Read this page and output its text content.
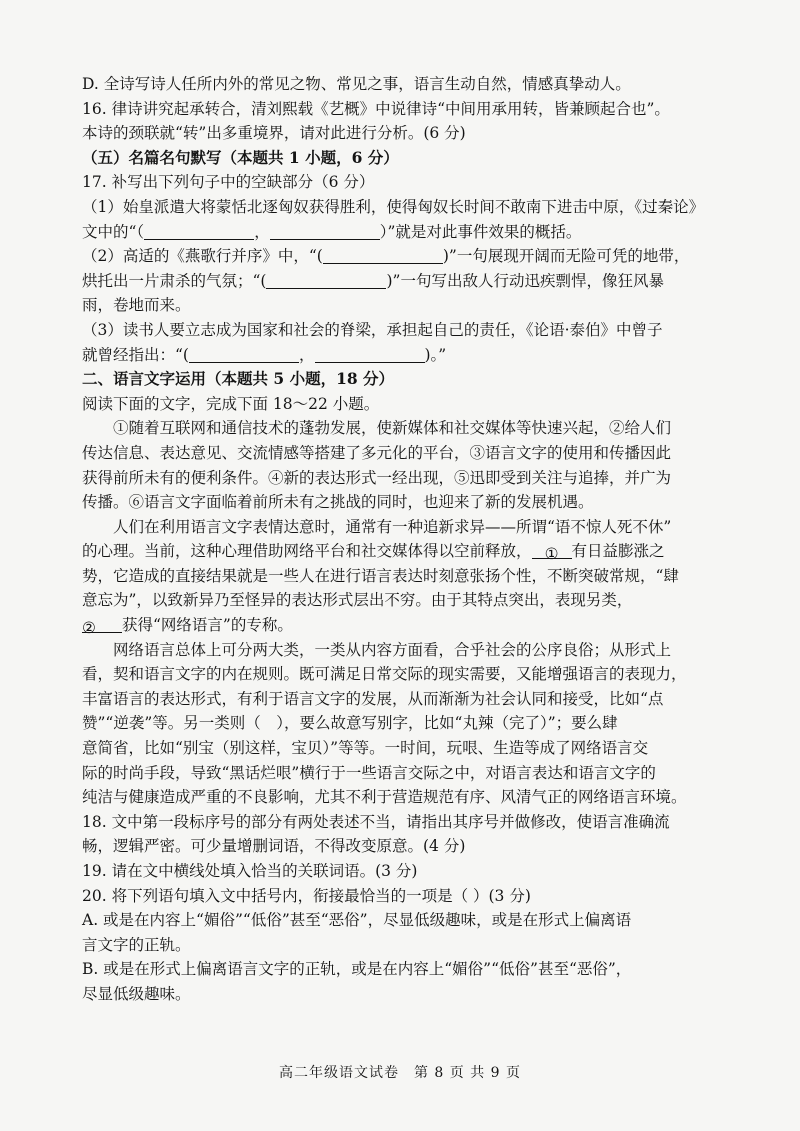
D. 全诗写诗人任所内外的常见之物、常见之事，语言生动自然，情感真挚动人。
16. 律诗讲究起承转合，清刘熙载《艺概》中说律诗“中间用承用转，皆兼顾起合也”。
本诗的颈联就“转”出多重境界，请对此进行分析。(6 分)
（五）名篇名句默写（本题共 1 小题，6 分）
17. 补写出下列句子中的空缺部分（6 分）
（1）始皇派遣大将蒙恬北逐匈奴获得胜利，使得匈奴长时间不敢南下进击中原，《过秦论》
文中的“（	，	）”就是对此事件效果的概括。
（2）高适的《燕歌行并序》中，“(	)”一句展现开阔而无险可凭的地带，
烘托出一片肃杀的气氛；“(	)”一句写出敌人行动迅疾剽悍，像狂风暴
雨，卷地而来。
（3）读书人要立志成为国家和社会的脊梁，承担起自己的责任，《论语·泰伯》中曾子
就曾经指出：“(	，	)。”
二、语言文字运用（本题共 5 小题，18 分）
阅读下面的文字，完成下面 18～22 小题。
①随着互联网和通信技术的蓬勃发展，使新媒体和社交媒体等快速兴起，②给人们
传达信息、表达意见、交流情感等搭建了多元化的平台，③语言文字的使用和传播因此
获得前所未有的便利条件。④新的表达形式一经出现，⑤迅即受到关注与追捧，并广为
传播。⑥语言文字面临着前所未有之挑战的同时，也迎来了新的发展机遇。
人们在利用语言文字表情达意时，通常有一种追新求异——所谓“语不惊人死不休”
的心理。当前，这种心理借助网络平台和社交媒体得以空前释放， ① 有日益膨涨之
势，它造成的直接结果就是一些人在进行语言表达时刻意张扬个性，不断突破常规，“肆
意忘为”，以致新异乃至怪异的表达形式层出不穷。由于其特点突出，表现另类，
② 获得“网络语言”的专称。
网络语言总体上可分两大类，一类从内容方面看，合乎社会的公序良俗；从形式上
看，契和语言文字的内在规则。既可满足日常交际的现实需要，又能增强语言的表现力，
丰富语言的表达形式，有利于语言文字的发展，从而渐渐为社会认同和接受，比如“点
赞”“逆袭”等。另一类则（　），要么故意写别字，比如“丸辣（完了）”；要么肆
意简省，比如“别宝（别这样，宝贝）”等等。一时间，玩哏、生造等成了网络语言交
际的时尚手段，导致“黑话烂哏”横行于一些语言交际之中，对语言表达和语言文字的
纯洁与健康造成严重的不良影响，尤其不利于营造规范有序、风清气正的网络语言环境。
18. 文中第一段标序号的部分有两处表述不当，请指出其序号并做修改，使语言准确流
畅，逻辑严密。可少量增删词语，不得改变原意。(4 分)
19. 请在文中横线处填入恰当的关联词语。(3 分)
20. 将下列语句填入文中括号内，衔接最恰当的一项是（ ）(3 分)
A. 或是在内容上“媚俗”“低俗”甚至“恶俗”，尽显低级趣味，或是在形式上偏离语
言文字的正轨。
B. 或是在形式上偏离语言文字的正轨，或是在内容上“媚俗”“低俗”甚至“恶俗”，
尽显低级趣味。
高二年级语文试卷　第 8 页 共 9 页
